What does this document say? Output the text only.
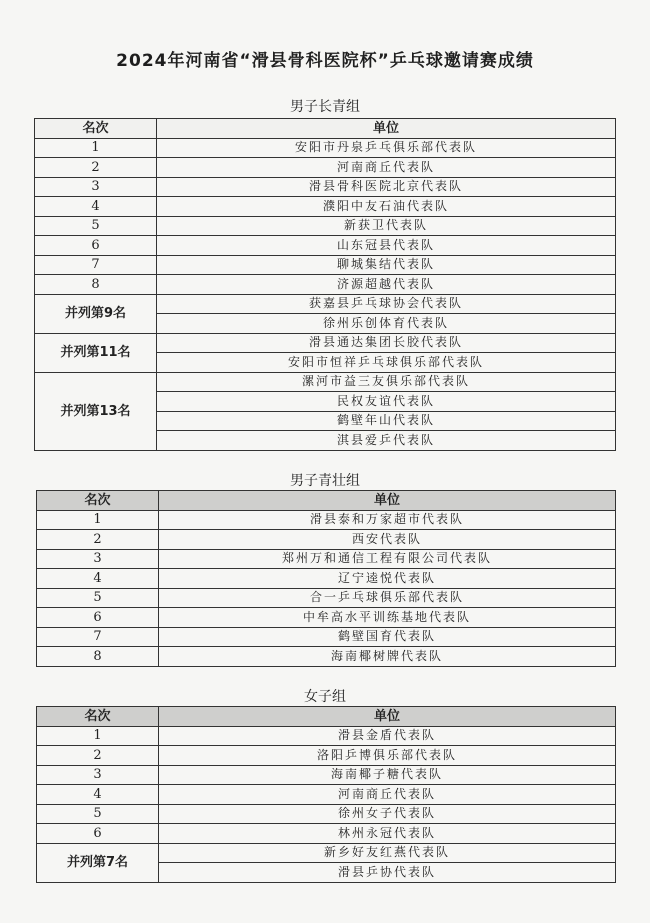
2024年河南省“滑县骨科医院杯”乒乓球邀请赛成绩
男子长青组
名次	单位
1	安阳市丹泉乒乓俱乐部代表队
2	河南商丘代表队
3	滑县骨科医院北京代表队
4	濮阳中友石油代表队
5	新获卫代表队
6	山东冠县代表队
7	聊城集结代表队
8	济源超越代表队
并列第9名	获嘉县乒乓球协会代表队
	徐州乐创体育代表队
并列第11名	滑县通达集团长胶代表队
	安阳市恒祥乒乓球俱乐部代表队
并列第13名	漯河市益三友俱乐部代表队
	民权友谊代表队
	鹤壁年山代表队
	淇县爱乒代表队
男子青壮组
名次	单位
1	滑县泰和万家超市代表队
2	西安代表队
3	郑州万和通信工程有限公司代表队
4	辽宁逵悦代表队
5	合一乒乓球俱乐部代表队
6	中牟高水平训练基地代表队
7	鹤壁国育代表队
8	海南椰树牌代表队
女子组
名次	单位
1	滑县金盾代表队
2	洛阳乒博俱乐部代表队
3	海南椰子糖代表队
4	河南商丘代表队
5	徐州女子代表队
6	林州永冠代表队
并列第7名	新乡好友红燕代表队
	滑县乒协代表队
